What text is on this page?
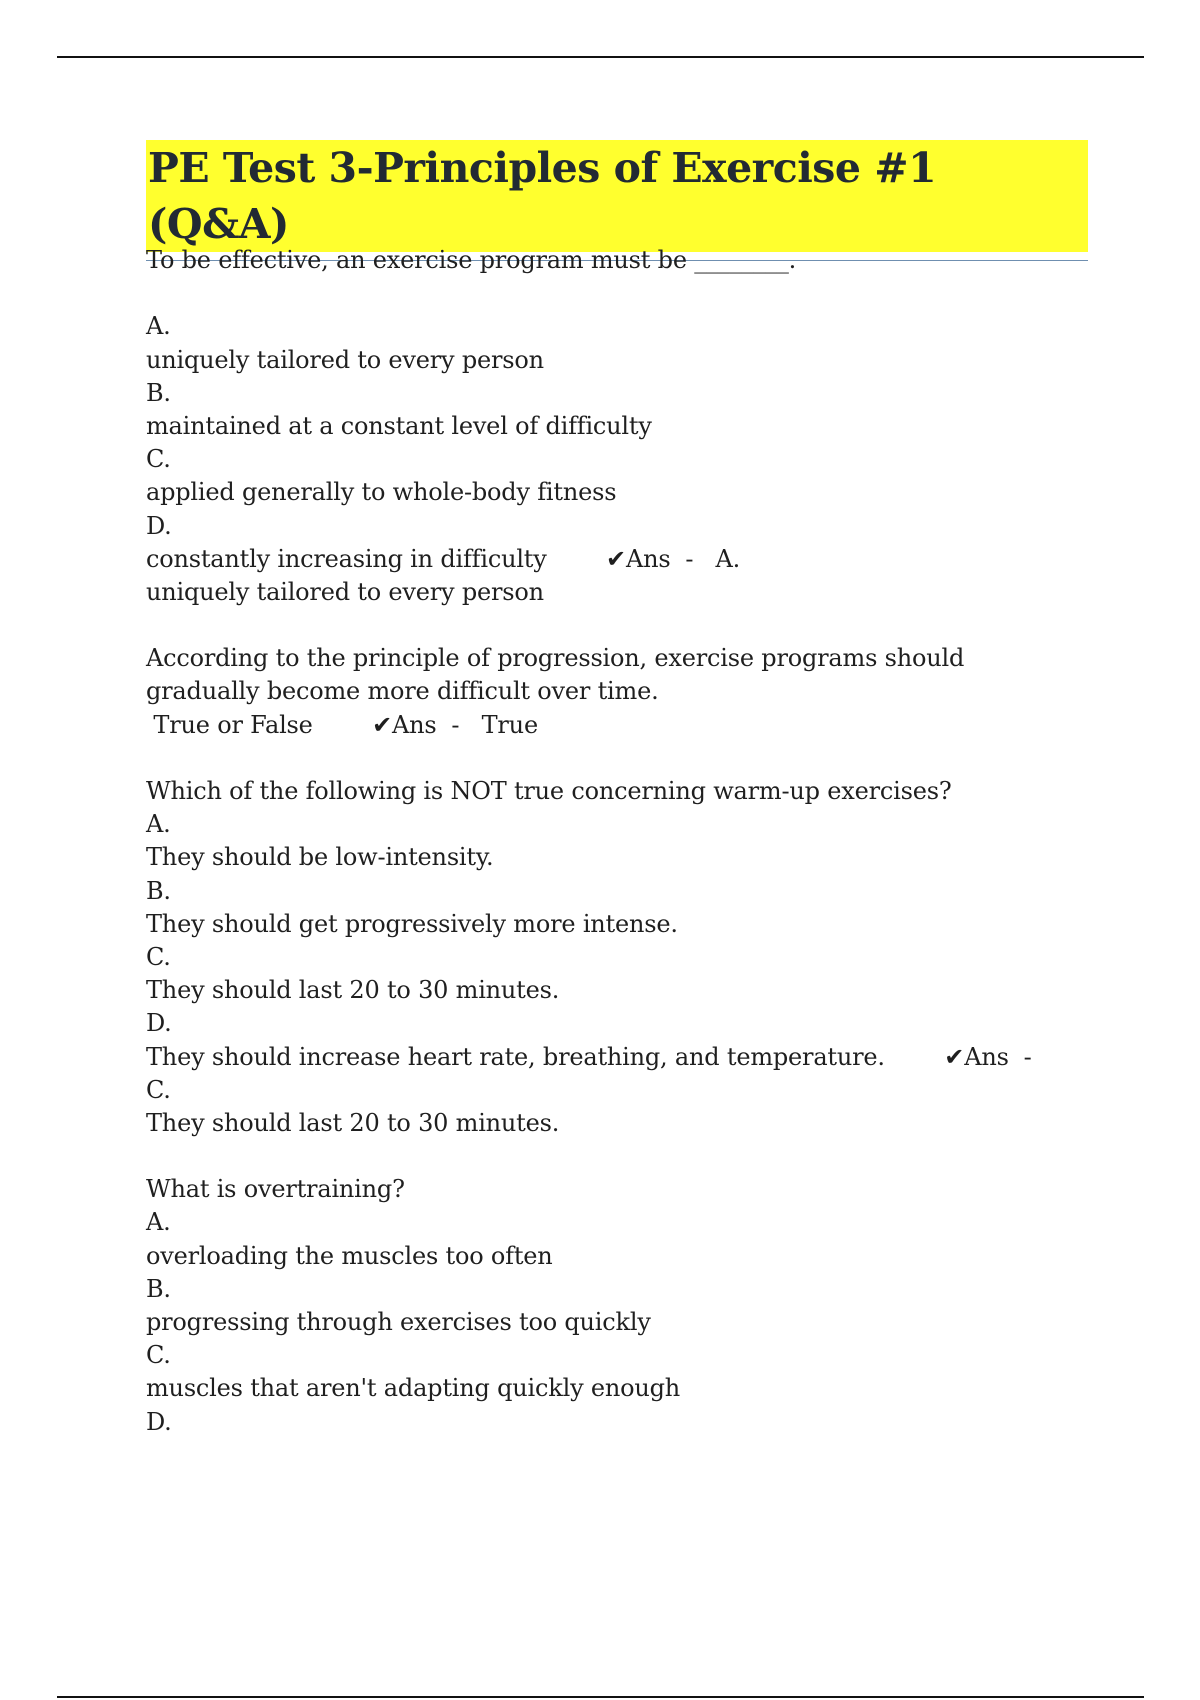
PE Test 3-Principles of Exercise #1 (Q&A)
To be effective, an exercise program must be ________.
A.
uniquely tailored to every person
B.
maintained at a constant level of difficulty
C.
applied generally to whole-body fitness
D.
constantly increasing in difficulty ✔Ans  -   A.
uniquely tailored to every person
According to the principle of progression, exercise programs should
gradually become more difficult over time.
True or False ✔Ans  -   True
Which of the following is NOT true concerning warm-up exercises?
A.
They should be low-intensity.
B.
They should get progressively more intense.
C.
They should last 20 to 30 minutes.
D.
They should increase heart rate, breathing, and temperature. ✔Ans  -
C.
They should last 20 to 30 minutes.
What is overtraining?
A.
overloading the muscles too often
B.
progressing through exercises too quickly
C.
muscles that aren't adapting quickly enough
D.
